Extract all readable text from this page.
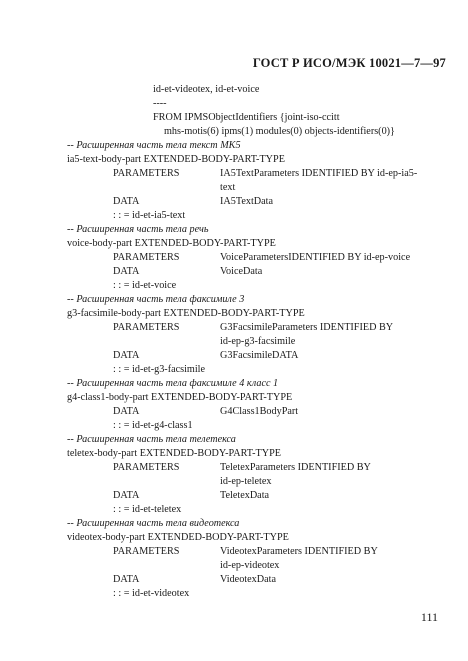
ГОСТ Р ИСО/МЭК 10021—7—97
id-et-videotex, id-et-voice
----
FROM IPMSObjectIdentifiers {joint-iso-ccitt
mhs-motis(6) ipms(1) modules(0) objects-identifiers(0)}
-- Расширенная часть тела текст МК5
ia5-text-body-part EXTENDED-BODY-PART-TYPE
PARAMETERS	IA5TextParameters IDENTIFIED BY id-ep-ia5-
text
DATA	IA5TextData
: : = id-et-ia5-text
-- Расширенная часть тела речь
voice-body-part EXTENDED-BODY-PART-TYPE
PARAMETERS	VoiceParametersIDENTIFIED BY id-ep-voice
DATA	VoiceData
: : = id-et-voice
-- Расширенная часть тела факсимиле 3
g3-facsimile-body-part EXTENDED-BODY-PART-TYPE
PARAMETERS	G3FacsimileParameters IDENTIFIED BY
id-ep-g3-facsimile
DATA	G3FacsimileDATA
: : = id-et-g3-facsimile
-- Расширенная часть тела факсимиле 4 класс 1
g4-class1-body-part EXTENDED-BODY-PART-TYPE
DATA	G4Class1BodyPart
: : = id-et-g4-class1
-- Расширенная часть тела телетекса
teletex-body-part EXTENDED-BODY-PART-TYPE
PARAMETERS	TeletexParameters IDENTIFIED BY
id-ep-teletex
DATA	TeletexData
: : = id-et-teletex
-- Расширенная часть тела видеотекса
videotex-body-part EXTENDED-BODY-PART-TYPE
PARAMETERS	VideotexParameters IDENTIFIED BY
id-ep-videotex
DATA	VideotexData
: : = id-et-videotex
111
